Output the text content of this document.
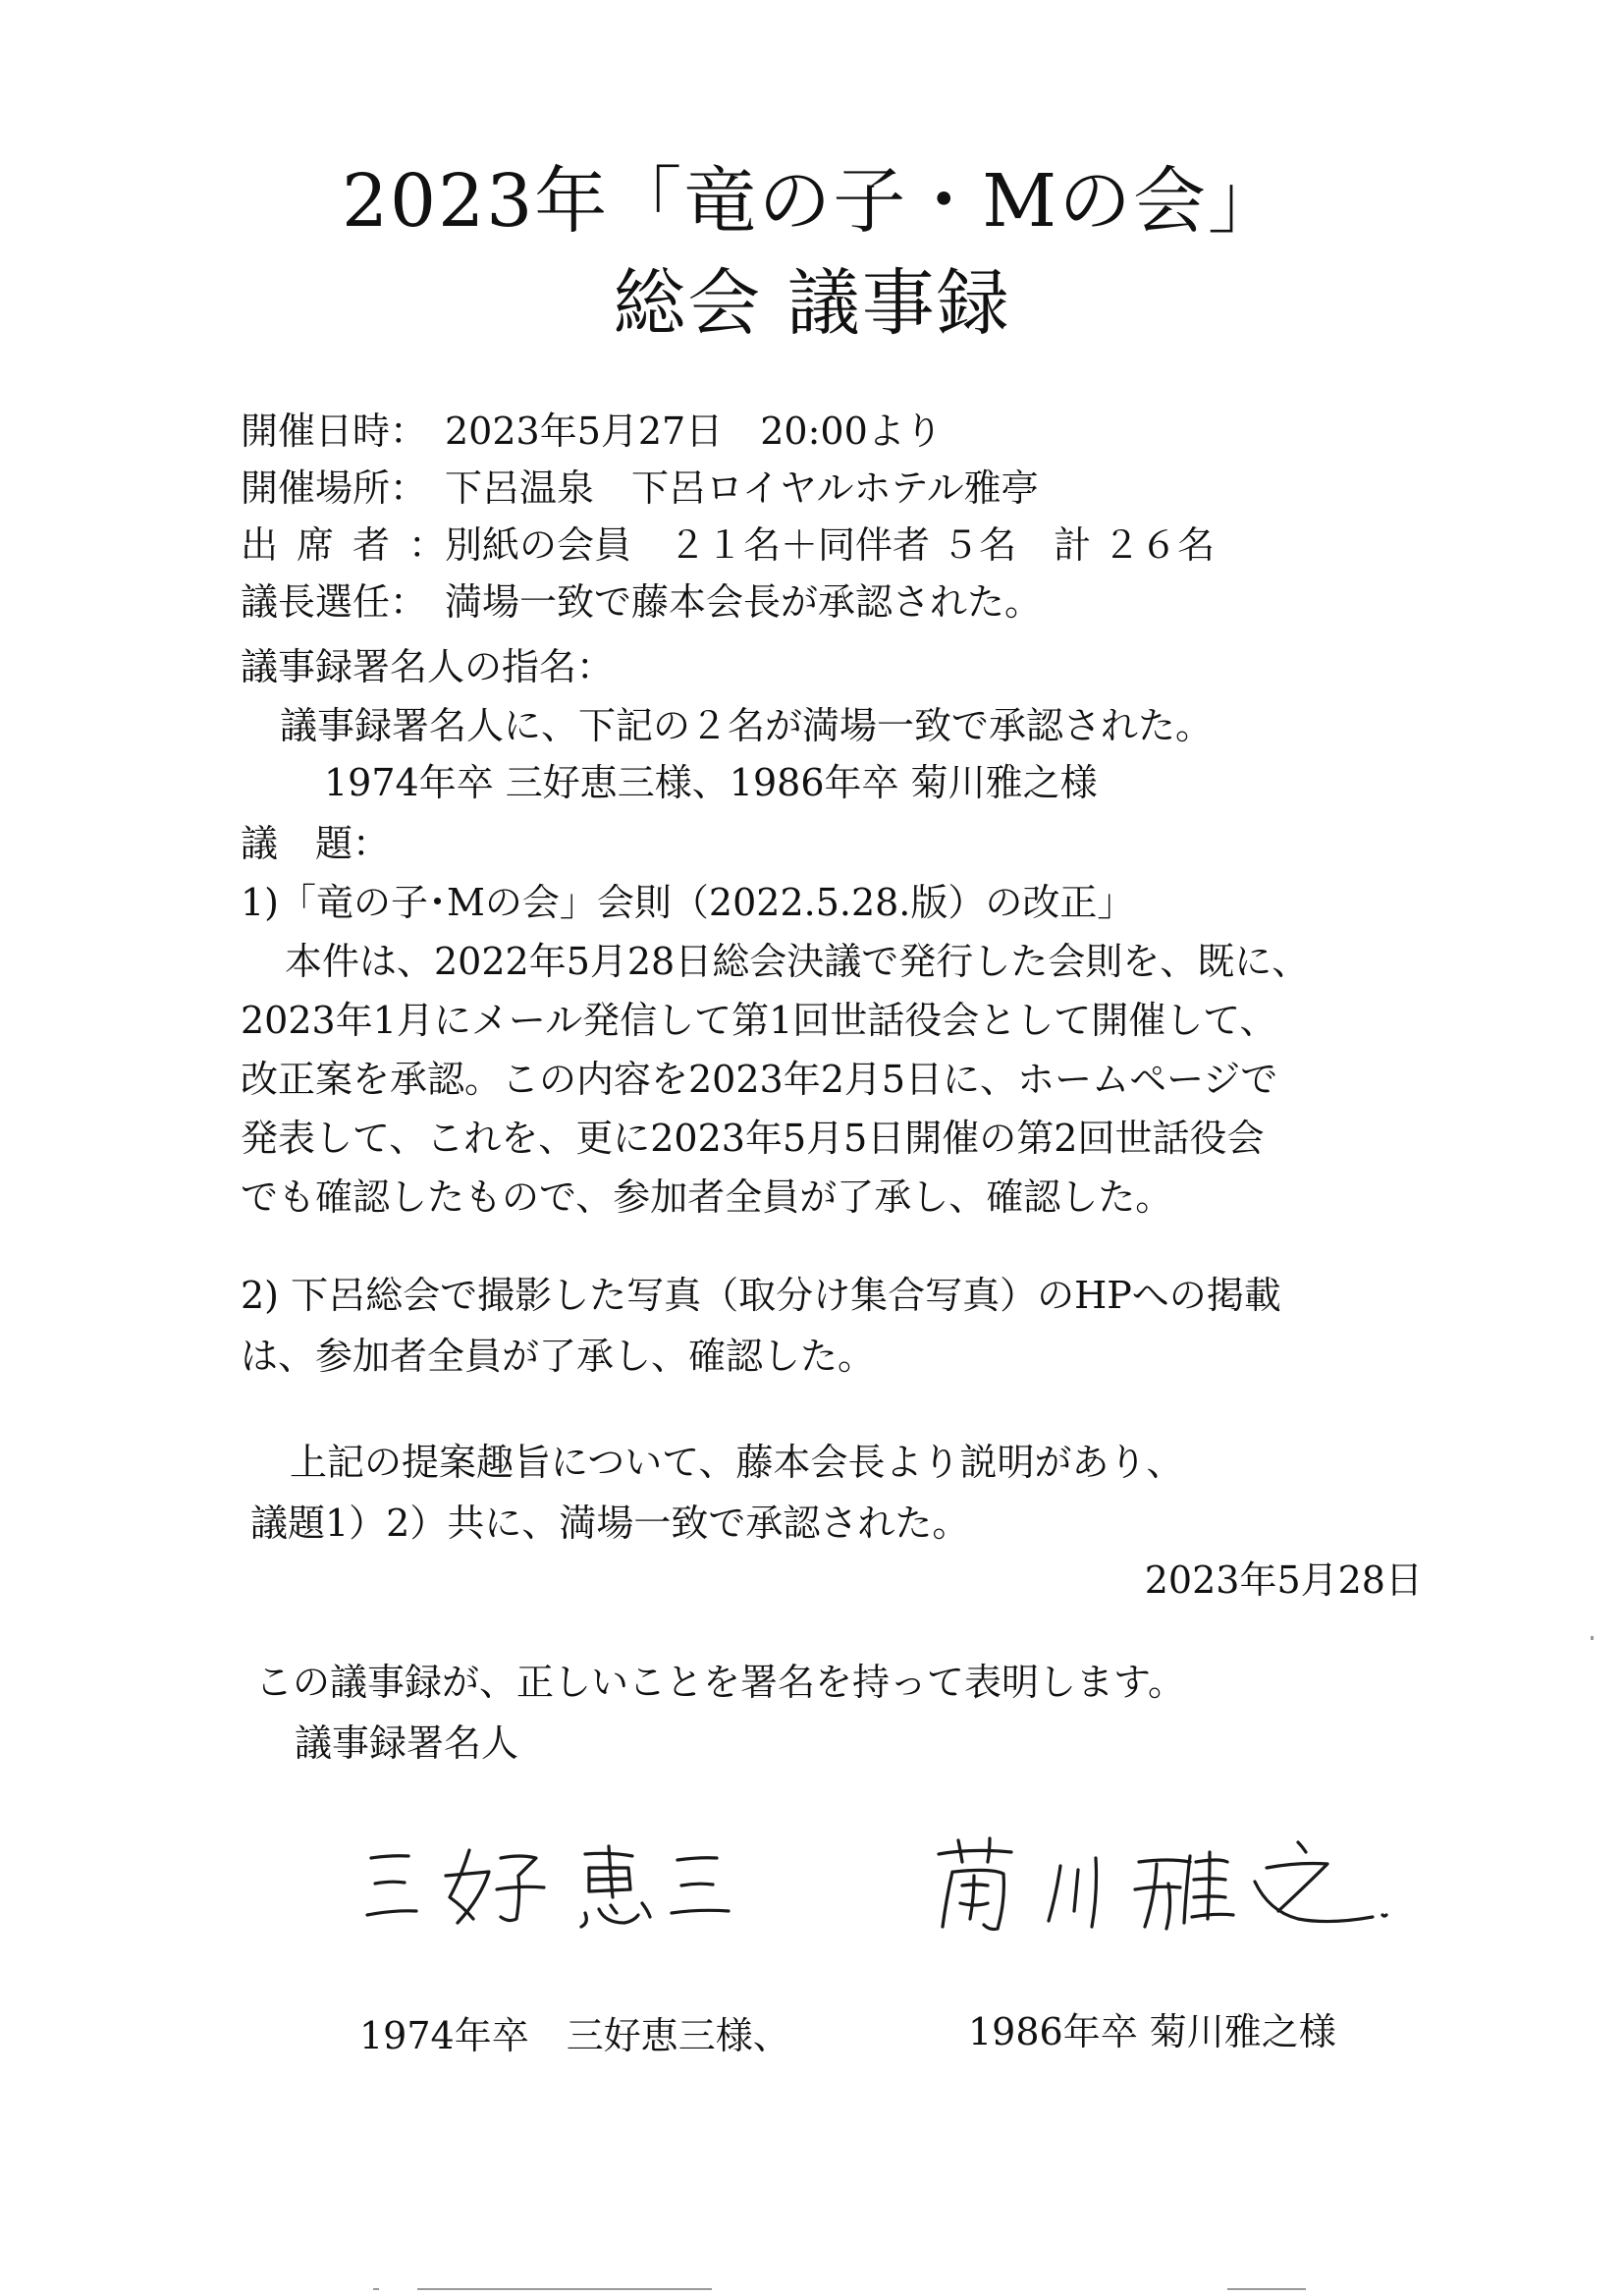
2023年「竜の子・Mの会」
総会 議事録
開催日時： 2023年5月27日　20:00より
開催場所： 下呂温泉　下呂ロイヤルホテル雅亭
出席者：別紙の会員　２１名＋同伴者 ５名　計 ２６名
議長選任： 満場一致で藤本会長が承認された。
議事録署名人の指名：
議事録署名人に、下記の２名が満場一致で承認された。
1974年卒 三好恵三様、1986年卒 菊川雅之様
議　題：
1)「竜の子･Mの会」会則（2022.5.28.版）の改正」
本件は、2022年5月28日総会決議で発行した会則を、既に、
2023年1月にメール発信して第1回世話役会として開催して、
改正案を承認。この内容を2023年2月5日に、ホームページで
発表して、これを、更に2023年5月5日開催の第2回世話役会
でも確認したもので、参加者全員が了承し、確認した。
2) 下呂総会で撮影した写真（取分け集合写真）のHPへの掲載
は、参加者全員が了承し、確認した。
上記の提案趣旨について、藤本会長より説明があり、
議題1）2）共に、満場一致で承認された。
2023年5月28日
この議事録が、正しいことを署名を持って表明します。
議事録署名人
1974年卒　三好恵三様、	1986年卒 菊川雅之様
